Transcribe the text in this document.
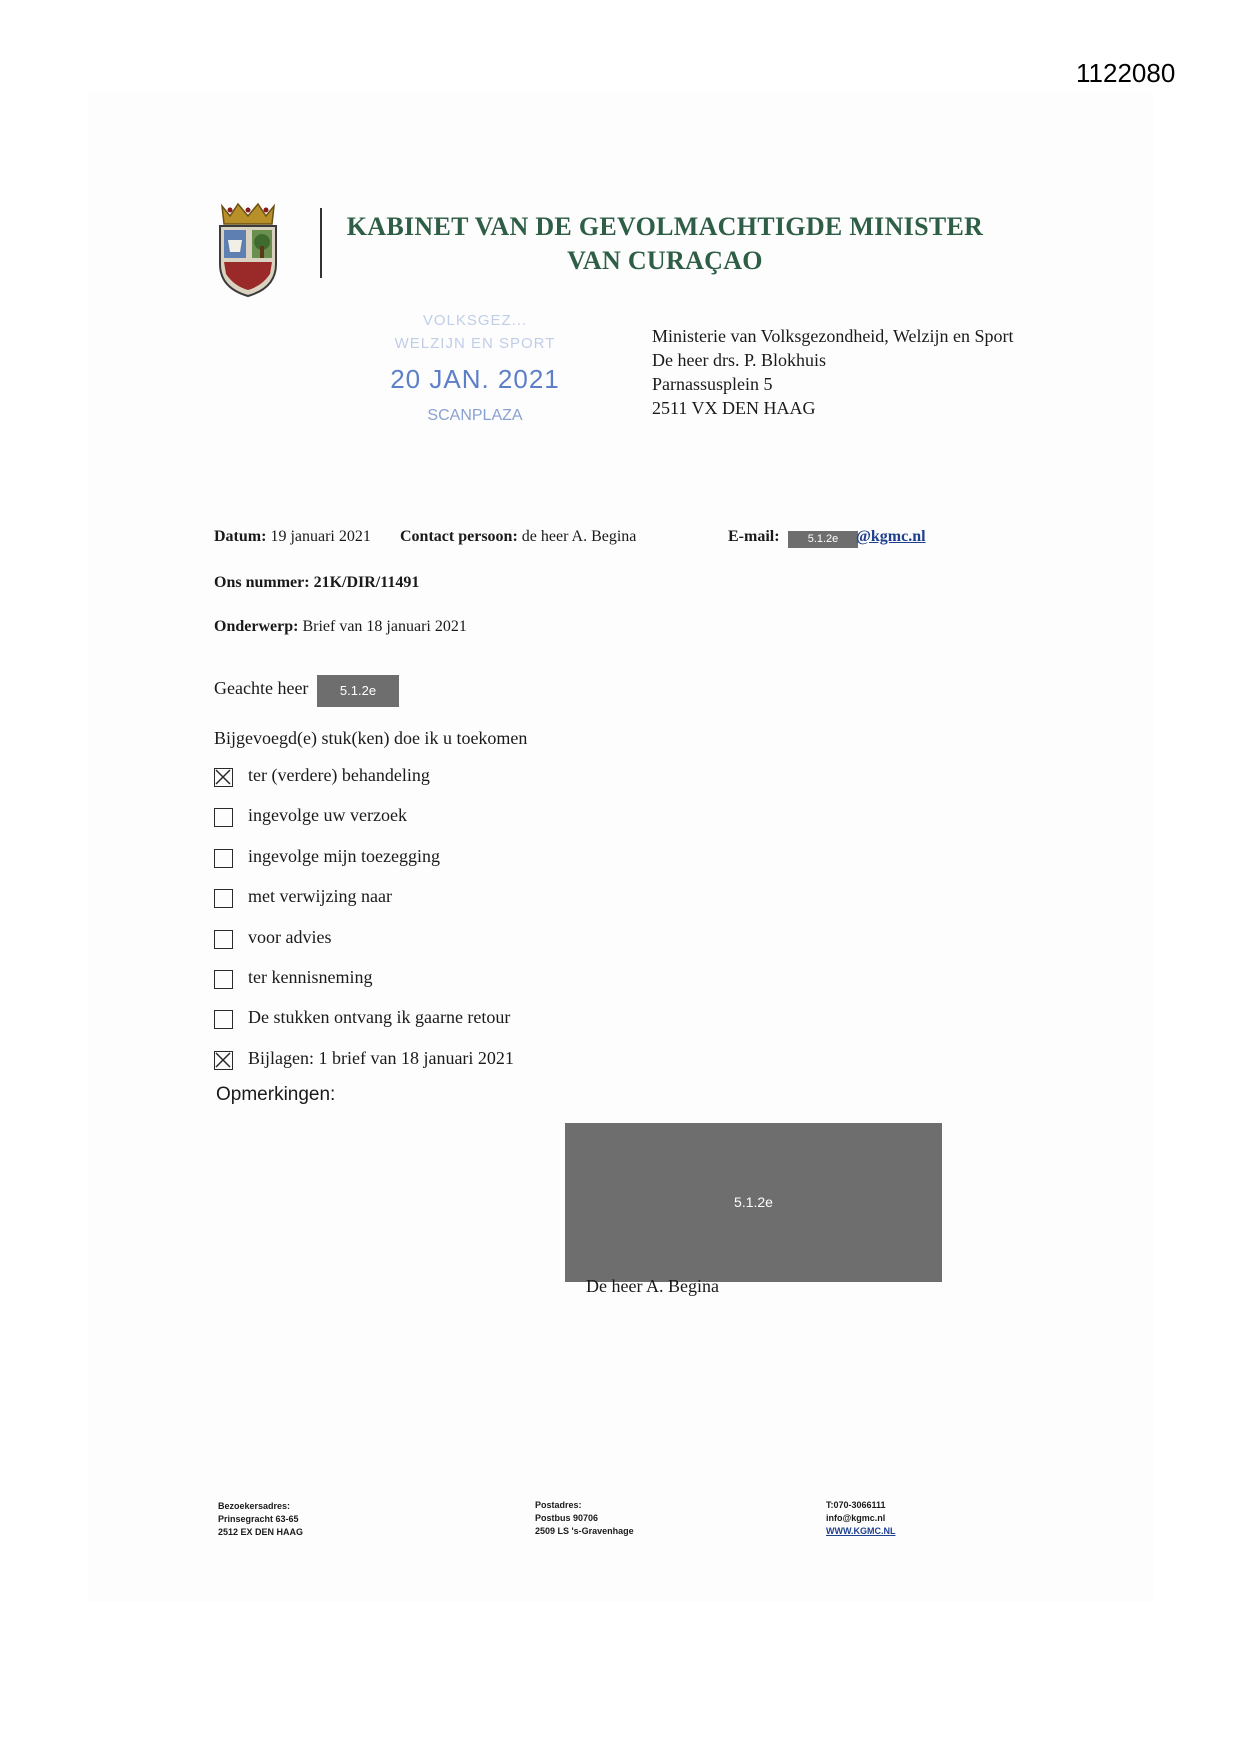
1122080
KABINET VAN DE GEVOLMACHTIGDE MINISTER
VAN CURAÇAO
VOLKSGEZ...
WELZIJN EN SPORT
20 JAN. 2021
SCANPLAZA
Ministerie van Volksgezondheid, Welzijn en Sport
De heer drs. P. Blokhuis
Parnassusplein 5
2511 VX DEN HAAG
Datum: 19 januari 2021 Contact persoon: de heer A. Begina	E-mail:	5.1.2e	@kgmc.nl
Ons nummer: 21K/DIR/11491
Onderwerp: Brief van 18 januari 2021
Geachte heer	5.1.2e
Bijgevoegd(e) stuk(ken) doe ik u toekomen
ter (verdere) behandeling
ingevolge uw verzoek
ingevolge mijn toezegging
met verwijzing naar
voor advies
ter kennisneming
De stukken ontvang ik gaarne retour
Bijlagen: 1 brief van 18 januari 2021
Opmerkingen:
5.1.2e
De heer A. Begina
Bezoekersadres:
Prinsegracht 63-65
2512 EX DEN HAAG
Postadres:
Postbus 90706
2509 LS 's-Gravenhage
T:070-3066111
info@kgmc.nl
WWW.KGMC.NL
